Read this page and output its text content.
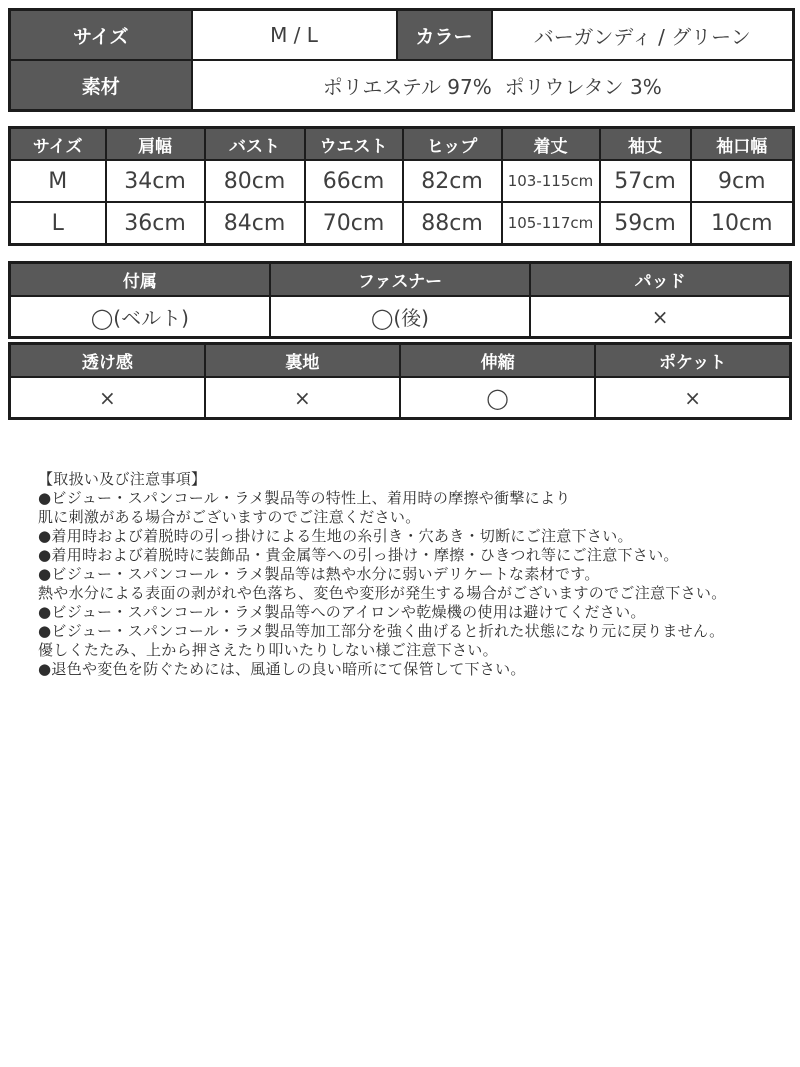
サイズ	M / L	カラー	バーガンディ / グリーン
素材	ポリエステル 97%  ポリウレタン 3%		
サイズ	肩幅	バスト	ウエスト	ヒップ	着丈	袖丈	袖口幅
M	34cm	80cm	66cm	82cm	103-115cm	57cm	9cm
L	36cm	84cm	70cm	88cm	105-117cm	59cm	10cm
付属	ファスナー	パッド
◯(ベルト)	◯(後)	×
透け感	裏地	伸縮	ポケット
×	×	◯	×
【取扱い及び注意事項】
●ビジュー・スパンコール・ラメ製品等の特性上、着用時の摩擦や衝撃により
肌に刺激がある場合がございますのでご注意ください。
●着用時および着脱時の引っ掛けによる生地の糸引き・穴あき・切断にご注意下さい。
●着用時および着脱時に装飾品・貴金属等への引っ掛け・摩擦・ひきつれ等にご注意下さい。
●ビジュー・スパンコール・ラメ製品等は熱や水分に弱いデリケートな素材です。
熱や水分による表面の剥がれや色落ち、変色や変形が発生する場合がございますのでご注意下さい。
●ビジュー・スパンコール・ラメ製品等へのアイロンや乾燥機の使用は避けてください。
●ビジュー・スパンコール・ラメ製品等加工部分を強く曲げると折れた状態になり元に戻りません。
優しくたたみ、上から押さえたり叩いたりしない様ご注意下さい。
●退色や変色を防ぐためには、風通しの良い暗所にて保管して下さい。
